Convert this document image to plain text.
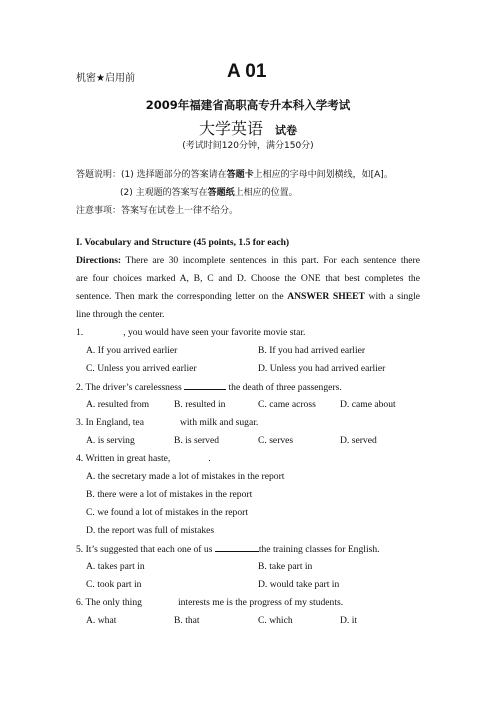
机密★启用前	A 01
2009年福建省高职高专升本科入学考试
大学英语 试卷
(考试时间120分钟，满分150分)
答题说明：(1) 选择题部分的答案请在答题卡上相应的字母中间划横线，如[A]。
(2) 主观题的答案写在答题纸上相应的位置。
注意事项：答案写在试卷上一律不给分。
I. Vocabulary and Structure (45 points, 1.5 for each)
Directions: There are 30 incomplete sentences in this part. For each sentence there
are four choices marked A, B, C and D. Choose the ONE that best completes the
sentence. Then mark the corresponding letter on the ANSWER SHEET with a single
line through the center.
1.	, you would have seen your favorite movie star.
A. If you arrived earlier	B. If you had arrived earlier
C. Unless you arrived earlier	D. Unless you had arrived earlier
2. The driver’s carelessness	the death of three passengers.
A. resulted from	B. resulted in	C. came across	D. came about
3. In England, tea	with milk and sugar.
A. is serving	B. is served	C. serves	D. served
4. Written in great haste,	.
A. the secretary made a lot of mistakes in the report
B. there were a lot of mistakes in the report
C. we found a lot of mistakes in the report
D. the report was full of mistakes
5. It’s suggested that each one of us	the training classes for English.
A. takes part in	B. take part in
C. took part in	D. would take part in
6. The only thing	interests me is the progress of my students.
A. what	B. that	C. which	D. it
